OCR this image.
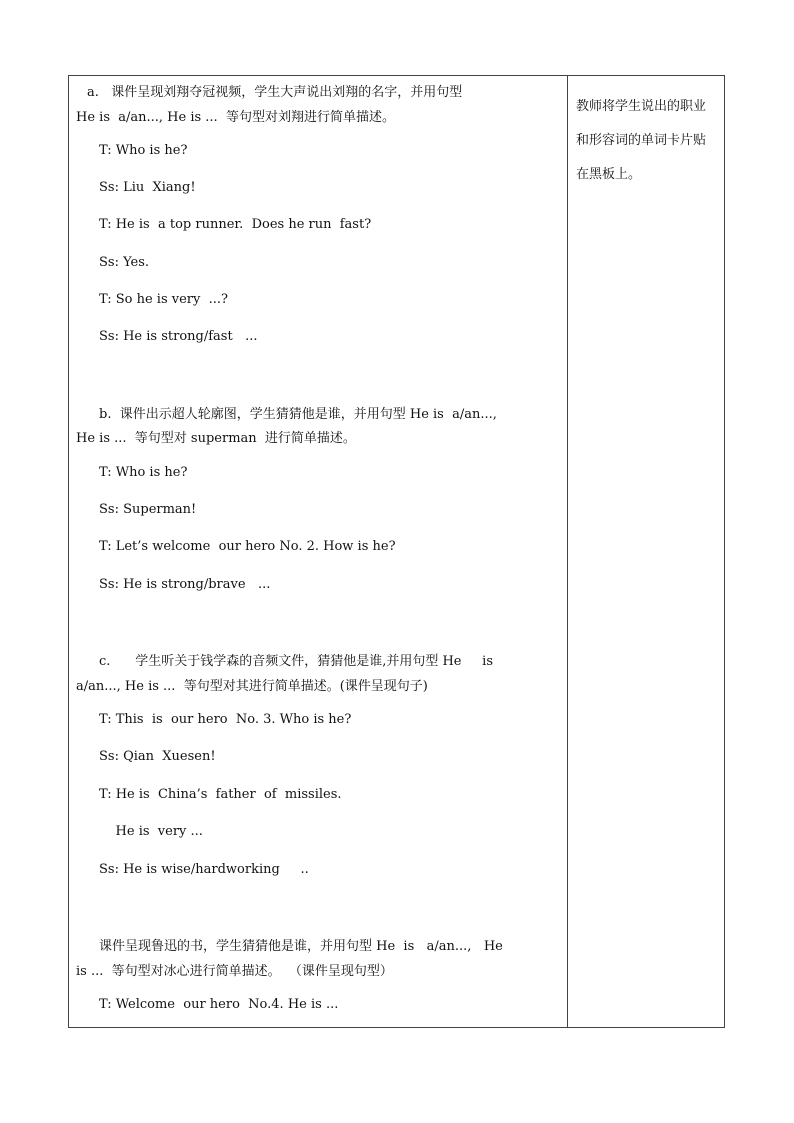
a.   课件呈现刘翔夺冠视频，学生大声说出刘翔的名字，并用句型
He is  a/an..., He is ...  等句型对刘翔进行简单描述。
T: Who is he?
Ss: Liu  Xiang!
T: He is  a top runner.  Does he run  fast?
Ss: Yes.
T: So he is very  ...?
Ss: He is strong/fast   ...
b.  课件出示超人轮廓图，学生猜猜他是谁，并用句型 He is  a/an...,
He is ...  等句型对 superman  进行简单描述。
T: Who is he?
Ss: Superman!
T: Let’s welcome  our hero No. 2. How is he?
Ss: He is strong/brave   ...
c.      学生听关于钱学森的音频文件，猜猜他是谁,并用句型 He     is
a/an..., He is ...  等句型对其进行简单描述。(课件呈现句子)
T: This  is  our hero  No. 3. Who is he?
Ss: Qian  Xuesen!
T: He is  China’s  father  of  missiles.
He is  very ...
Ss: He is wise/hardworking     ..
课件呈现鲁迅的书，学生猜猜他是谁，并用句型 He  is   a/an...,   He
is ...  等句型对冰心进行简单描述。  （课件呈现句型）
T: Welcome  our hero  No.4. He is ...
教师将学生说出的职业
和形容词的单词卡片贴
在黑板上。
